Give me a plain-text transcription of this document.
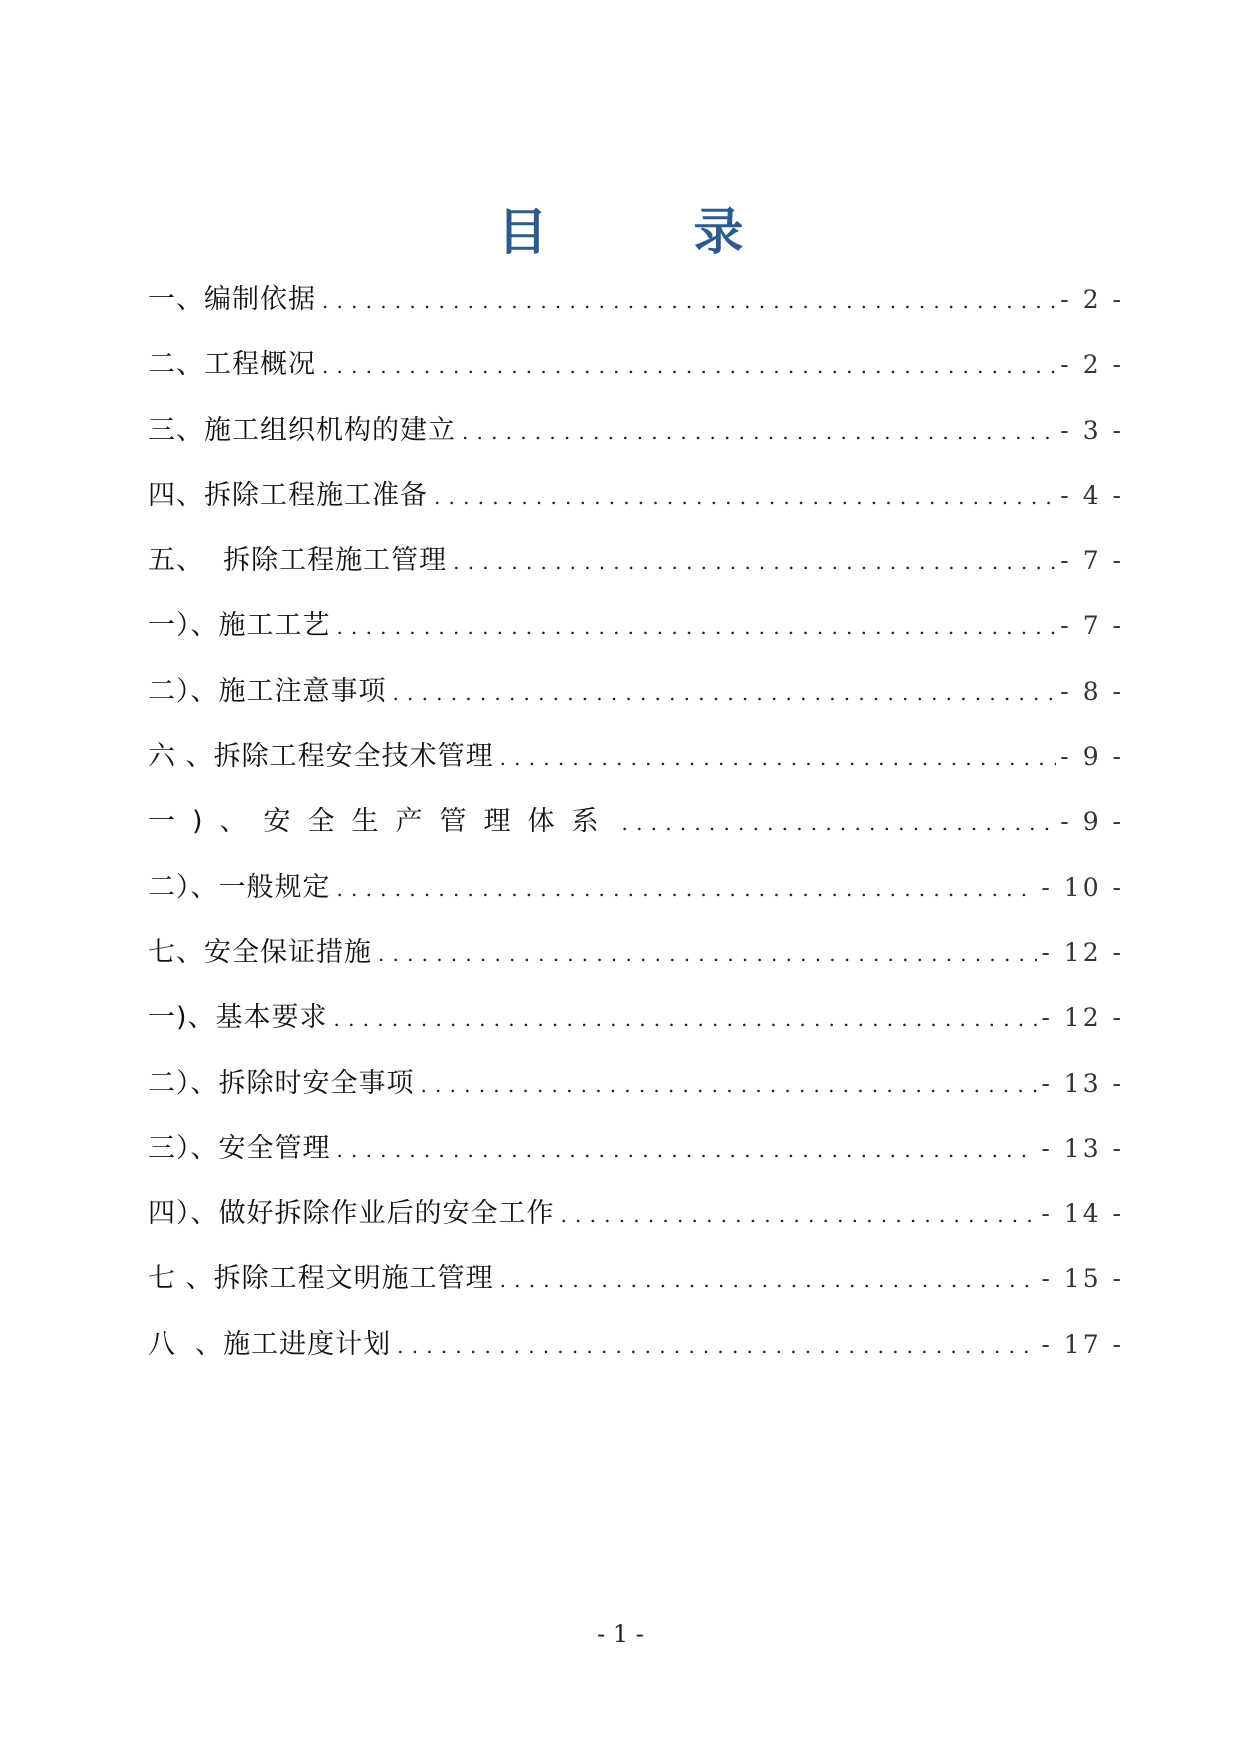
目　录
一、编制依据 .....	- 2 -
二、工程概况 .....	- 2 -
三、施工组织机构的建立 .....	- 3 -
四、拆除工程施工准备 .....	- 4 -
五、  拆除工程施工管理 .....	- 7 -
一）、施工工艺 .....	- 7 -
二）、施工注意事项 .....	- 8 -
六 、拆除工程安全技术管理 .....	- 9 -
一)、安全生产管理体系 .....	- 9 -
二）、一般规定 .....	- 10 -
七、安全保证措施 .....	- 12 -
一)、基本要求 .....	- 12 -
二）、拆除时安全事项 .....	- 13 -
三）、安全管理 .....	- 13 -
四）、做好拆除作业后的安全工作 .....	- 14 -
七 、拆除工程文明施工管理 .....	- 15 -
八  、施工进度计划 .....	- 17 -
- 1 -
